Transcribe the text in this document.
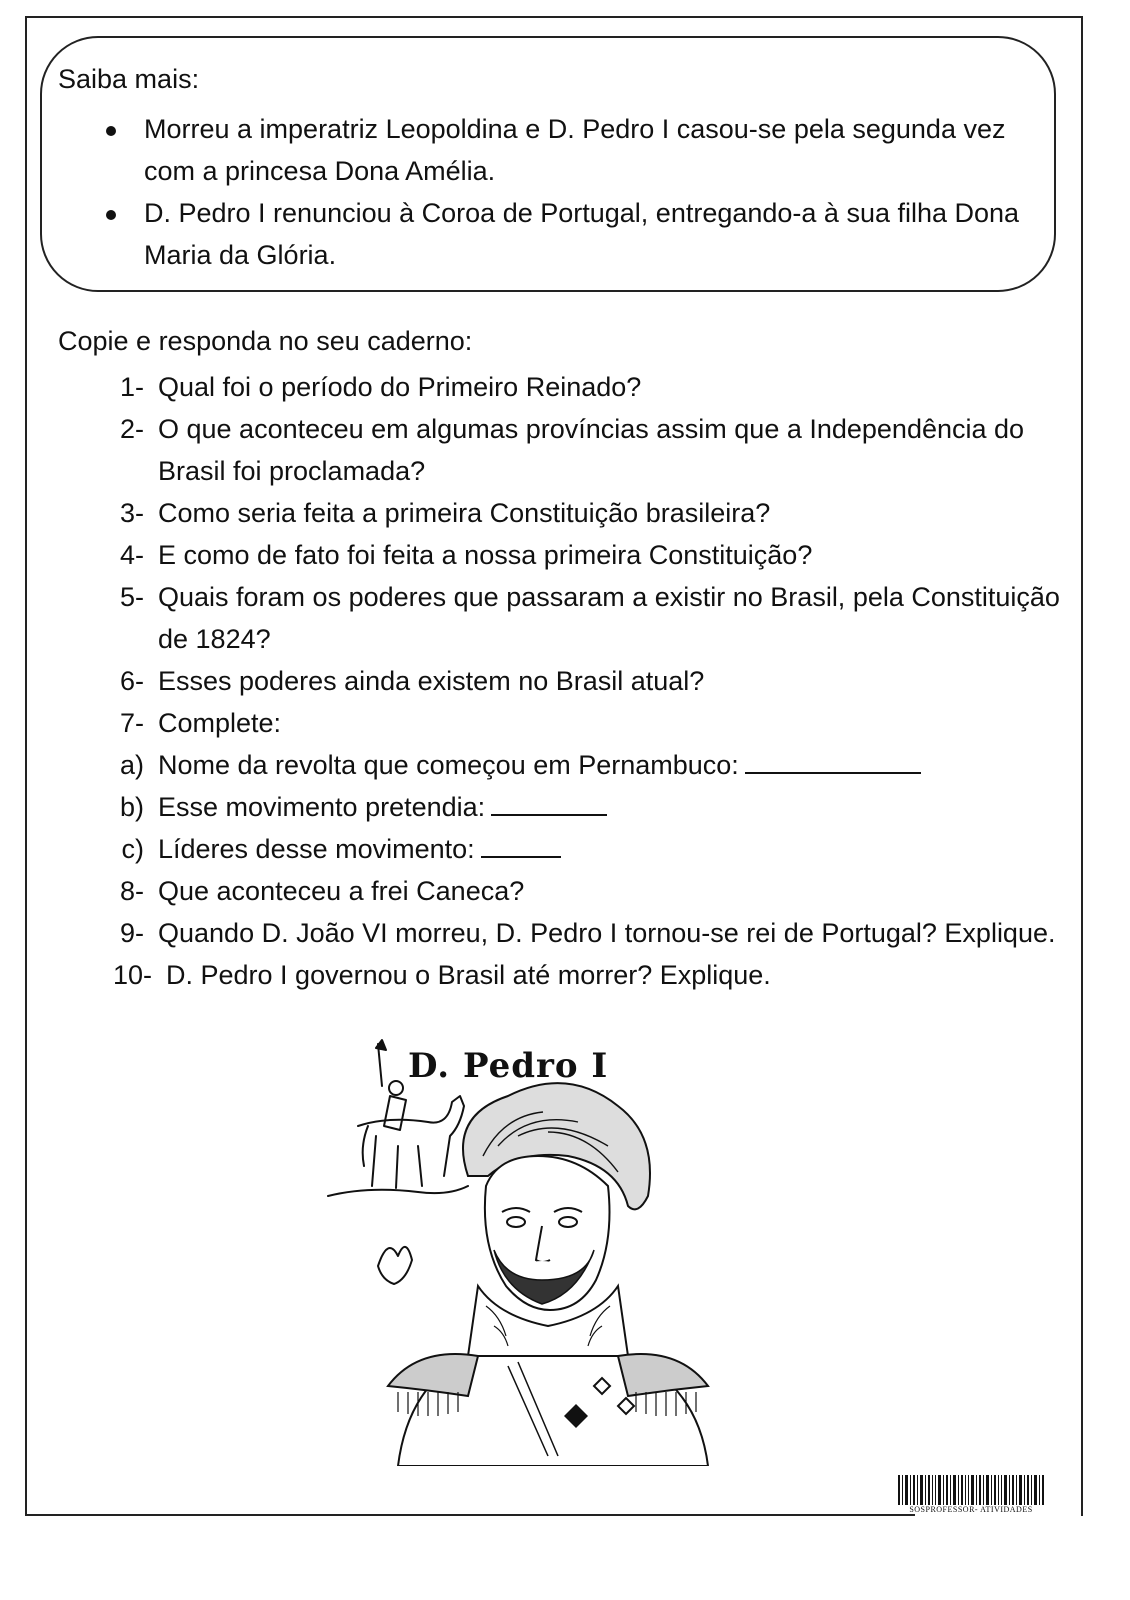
Saiba mais:
Morreu a imperatriz Leopoldina e D. Pedro I casou-se pela segunda vez com a princesa Dona Amélia.
D. Pedro I renunciou à Coroa de Portugal, entregando-a à sua filha Dona Maria da Glória.
Copie e responda no seu caderno:
1- Qual foi o período do Primeiro Reinado?
2- O que aconteceu em algumas províncias assim que a Independência do Brasil foi proclamada?
3- Como seria feita a primeira Constituição brasileira?
4- E como de fato foi feita a nossa primeira Constituição?
5- Quais foram os poderes que passaram a existir no Brasil, pela Constituição de 1824?
6- Esses poderes ainda existem no Brasil atual?
7- Complete:
a) Nome da revolta que começou em Pernambuco:
b) Esse movimento pretendia:
c) Líderes desse movimento:
8- Que aconteceu a frei Caneca?
9- Quando D. João VI morreu, D. Pedro I tornou-se rei de Portugal? Explique.
10- D. Pedro I governou o Brasil até morrer? Explique.
D. Pedro I
SOSPROFESSOR- ATIVIDADES
